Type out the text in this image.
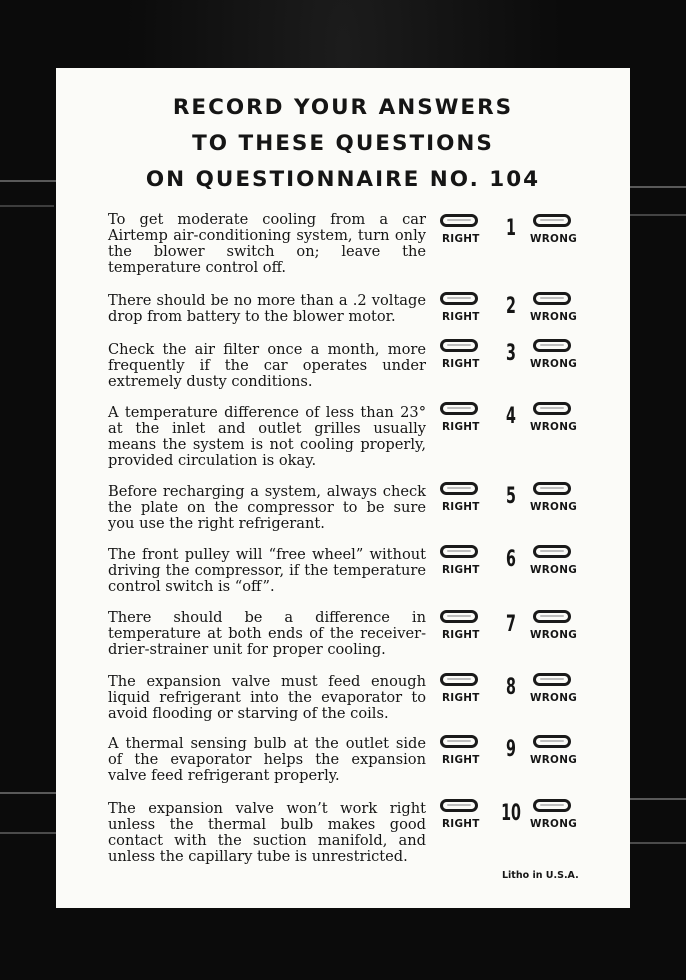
RECORD YOUR ANSWERS
TO THESE QUESTIONS
ON QUESTIONNAIRE NO. 104
To get moderate cooling from a car Airtemp air-conditioning system, turn only the blower switch on; leave the temperature control off.
RIGHT	1	WRONG
There should be no more than a .2 voltage drop from battery to the blower motor.	RIGHT	2	WRONG
Check the air filter once a month, more frequently if the car operates under extremely dusty conditions.
RIGHT	3	WRONG
A temperature difference of less than 23° at the inlet and outlet grilles usually means the system is not cooling properly, provided circulation is okay.
RIGHT	4	WRONG
Before recharging a system, always check the plate on the compressor to be sure you use the right refrigerant.
RIGHT	5	WRONG
The front pulley will “free wheel” without driving the compressor, if the temperature control switch is “off”.
RIGHT	6	WRONG
There should be a difference in temperature at both ends of the receiver-drier-strainer unit for proper cooling.
RIGHT	7	WRONG
The expansion valve must feed enough liquid refrigerant into the evaporator to avoid flooding or starving of the coils.
RIGHT	8	WRONG
A thermal sensing bulb at the outlet side of the evaporator helps the expansion valve feed refrigerant properly.
RIGHT	9	WRONG
The expansion valve won’t work right unless the thermal bulb makes good contact with the suction manifold, and unless the capillary tube is unrestricted.
RIGHT 10 WRONG
Litho in U.S.A.
